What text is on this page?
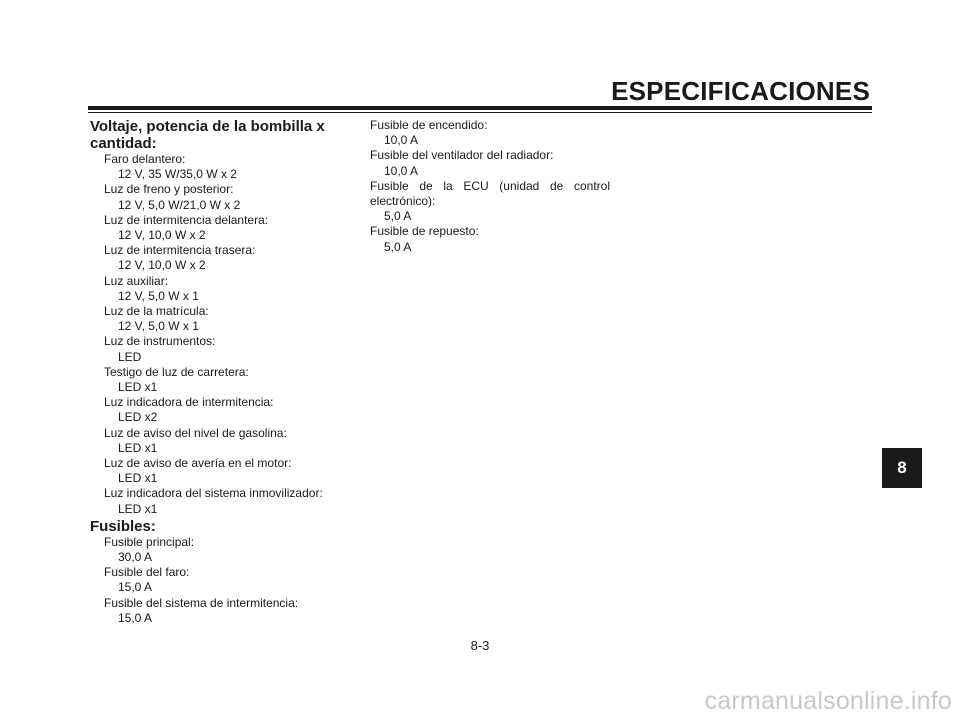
ESPECIFICACIONES
Voltaje, potencia de la bombilla x cantidad:
Faro delantero:
12 V, 35 W/35,0 W x 2
Luz de freno y posterior:
12 V, 5,0 W/21,0 W x 2
Luz de intermitencia delantera:
12 V, 10,0 W x 2
Luz de intermitencia trasera:
12 V, 10,0 W x 2
Luz auxiliar:
12 V, 5,0 W x 1
Luz de la matrícula:
12 V, 5,0 W x 1
Luz de instrumentos:
LED
Testigo de luz de carretera:
LED x1
Luz indicadora de intermitencia:
LED x2
Luz de aviso del nivel de gasolina:
LED x1
Luz de aviso de avería en el motor:
LED x1
Luz indicadora del sistema inmovilizador:
LED x1
Fusibles:
Fusible principal:
30,0 A
Fusible del faro:
15,0 A
Fusible del sistema de intermitencia:
15,0 A
Fusible de encendido:
10,0 A
Fusible del ventilador del radiador:
10,0 A
Fusible de la ECU (unidad de control electrónico):
5,0 A
Fusible de repuesto:
5,0 A
8-3
8
carmanualsonline.info
